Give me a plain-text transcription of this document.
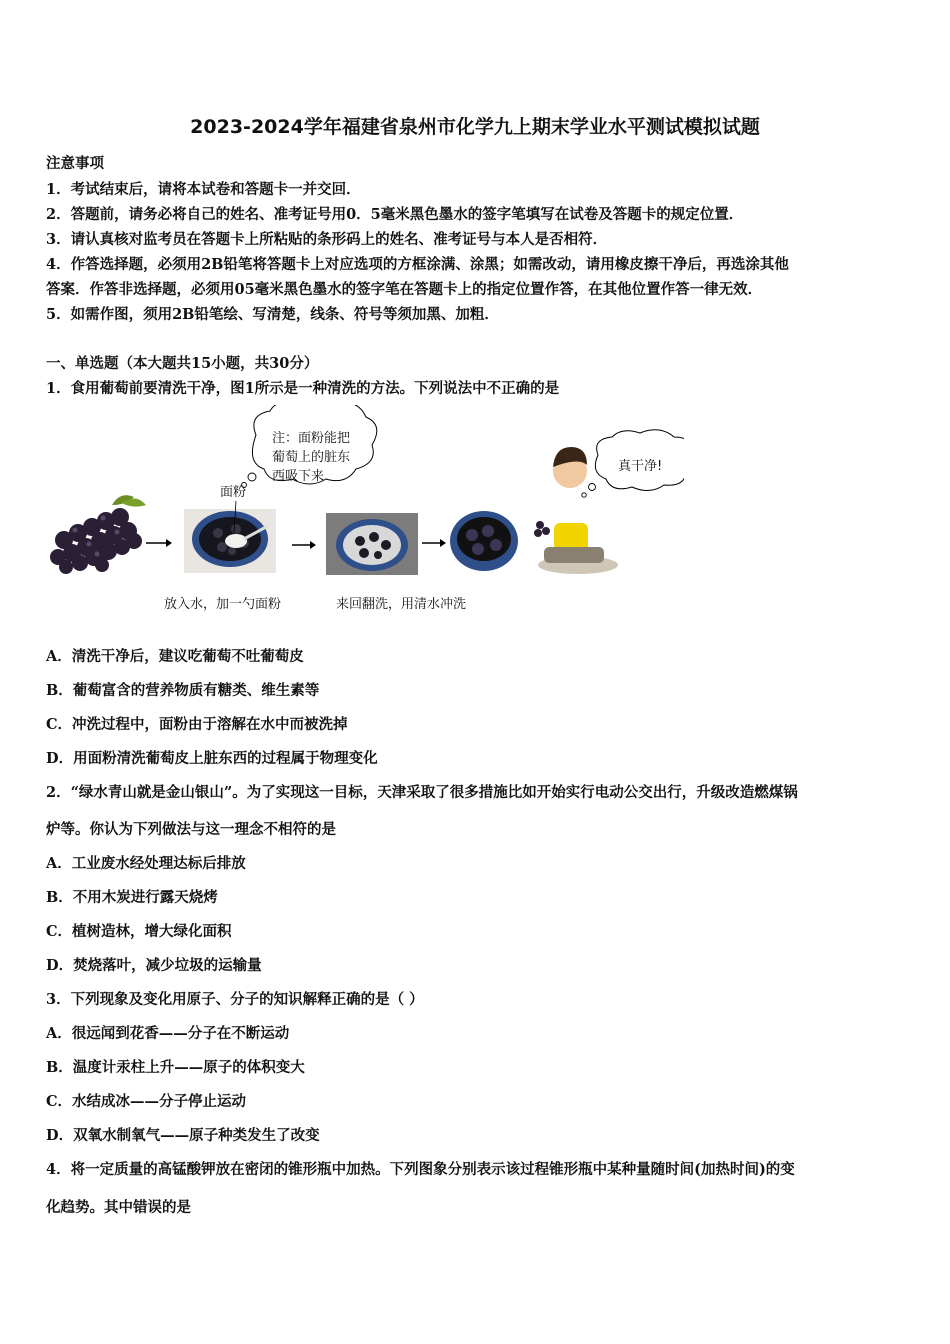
2023-2024学年福建省泉州市化学九上期末学业水平测试模拟试题
注意事项
1．考试结束后，请将本试卷和答题卡一并交回．
2．答题前，请务必将自己的姓名、准考证号用0．5毫米黑色墨水的签字笔填写在试卷及答题卡的规定位置．
3．请认真核对监考员在答题卡上所粘贴的条形码上的姓名、准考证号与本人是否相符．
4．作答选择题，必须用2B铅笔将答题卡上对应选项的方框涂满、涂黑；如需改动，请用橡皮擦干净后，再选涂其他
答案．作答非选择题，必须用05毫米黑色墨水的签字笔在答题卡上的指定位置作答，在其他位置作答一律无效．
5．如需作图，须用2B铅笔绘、写清楚，线条、符号等须加黑、加粗．
一、单选题（本大题共15小题，共30分）
1．食用葡萄前要清洗干净，图1所示是一种清洗的方法。下列说法中不正确的是
注：面粉能把
葡萄上的脏东
西吸下来
面粉
真干净!
放入水，加一勺面粉	来回翻洗，用清水冲洗
A．清洗干净后，建议吃葡萄不吐葡萄皮
B．葡萄富含的营养物质有糖类、维生素等
C．冲洗过程中，面粉由于溶解在水中而被洗掉
D．用面粉清洗葡萄皮上脏东西的过程属于物理变化
2．“绿水青山就是金山银山”。为了实现这一目标，天津采取了很多措施比如开始实行电动公交出行，升级改造燃煤锅
炉等。你认为下列做法与这一理念不相符的是
A．工业废水经处理达标后排放
B．不用木炭进行露天烧烤
C．植树造林，增大绿化面积
D．焚烧落叶，减少垃圾的运输量
3．下列现象及变化用原子、分子的知识解释正确的是（ ）
A．很远闻到花香——分子在不断运动
B．温度计汞柱上升——原子的体积变大
C．水结成冰——分子停止运动
D．双氧水制氧气——原子种类发生了改变
4．将一定质量的高锰酸钾放在密闭的锥形瓶中加热。下列图象分别表示该过程锥形瓶中某种量随时间(加热时间)的变
化趋势。其中错误的是
